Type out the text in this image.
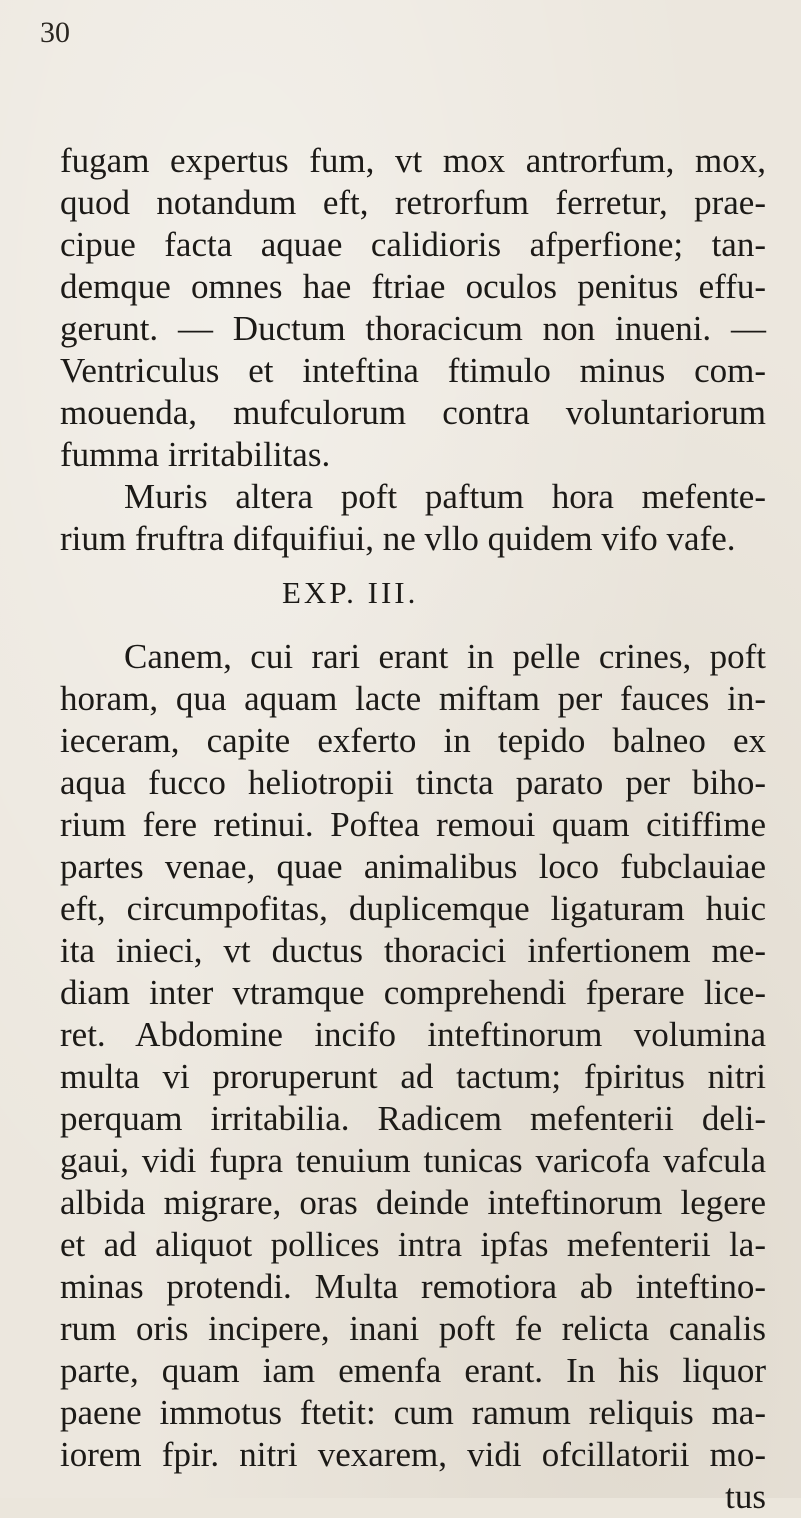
30
fugam expertus fum, vt mox antrorfum, mox,
quod notandum eft, retrorfum ferretur, prae-
cipue facta aquae calidioris afperfione; tan-
demque omnes hae ftriae oculos penitus effu-
gerunt. — Ductum thoracicum non inueni. —
Ventriculus et inteftina ftimulo minus com-
mouenda, mufculorum contra voluntariorum
fumma irritabilitas.
Muris altera poft paftum hora mefente-
rium fruftra difquifiui, ne vllo quidem vifo vafe.
EXP. III.
Canem, cui rari erant in pelle crines, poft
horam, qua aquam lacte miftam per fauces in-
ieceram, capite exferto in tepido balneo ex
aqua fucco heliotropii tincta parato per biho-
rium fere retinui. Poftea remoui quam citiffime
partes venae, quae animalibus loco fubclauiae
eft, circumpofitas, duplicemque ligaturam huic
ita inieci, vt ductus thoracici infertionem me-
diam inter vtramque comprehendi fperare lice-
ret. Abdomine incifo inteftinorum volumina
multa vi proruperunt ad tactum; fpiritus nitri
perquam irritabilia. Radicem mefenterii deli-
gaui, vidi fupra tenuium tunicas varicofa vafcula
albida migrare, oras deinde inteftinorum legere
et ad aliquot pollices intra ipfas mefenterii la-
minas protendi. Multa remotiora ab inteftino-
rum oris incipere, inani poft fe relicta canalis
parte, quam iam emenfa erant. In his liquor
paene immotus ftetit: cum ramum reliquis ma-
iorem fpir. nitri vexarem, vidi ofcillatorii mo-
tus
